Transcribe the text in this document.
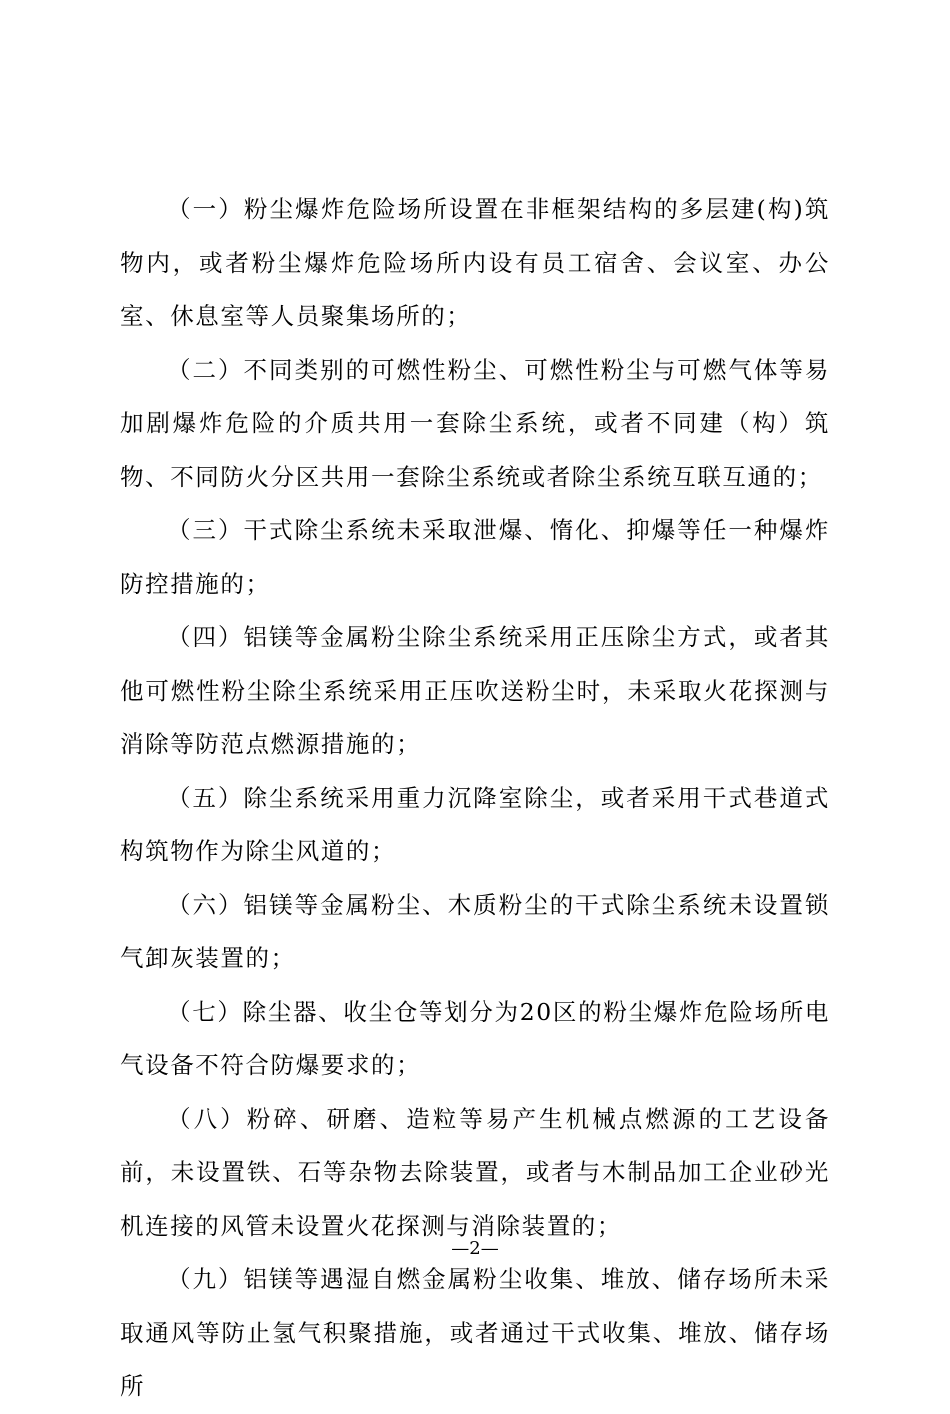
（一）粉尘爆炸危险场所设置在非框架结构的多层建(构)筑物内，或者粉尘爆炸危险场所内设有员工宿舍、会议室、办公室、休息室等人员聚集场所的；

（二）不同类别的可燃性粉尘、可燃性粉尘与可燃气体等易加剧爆炸危险的介质共用一套除尘系统，或者不同建（构）筑物、不同防火分区共用一套除尘系统或者除尘系统互联互通的；

（三）干式除尘系统未采取泄爆、惰化、抑爆等任一种爆炸防控措施的；

（四）铝镁等金属粉尘除尘系统采用正压除尘方式，或者其他可燃性粉尘除尘系统采用正压吹送粉尘时，未采取火花探测与消除等防范点燃源措施的；

（五）除尘系统采用重力沉降室除尘，或者采用干式巷道式构筑物作为除尘风道的；

（六）铝镁等金属粉尘、木质粉尘的干式除尘系统未设置锁气卸灰装置的；

（七）除尘器、收尘仓等划分为20区的粉尘爆炸危险场所电气设备不符合防爆要求的；

（八）粉碎、研磨、造粒等易产生机械点燃源的工艺设备前，未设置铁、石等杂物去除装置，或者与木制品加工企业砂光机连接的风管未设置火花探测与消除装置的；

（九）铝镁等遇湿自燃金属粉尘收集、堆放、储存场所未采取通风等防止氢气积聚措施，或者通过干式收集、堆放、储存场所

—2—
